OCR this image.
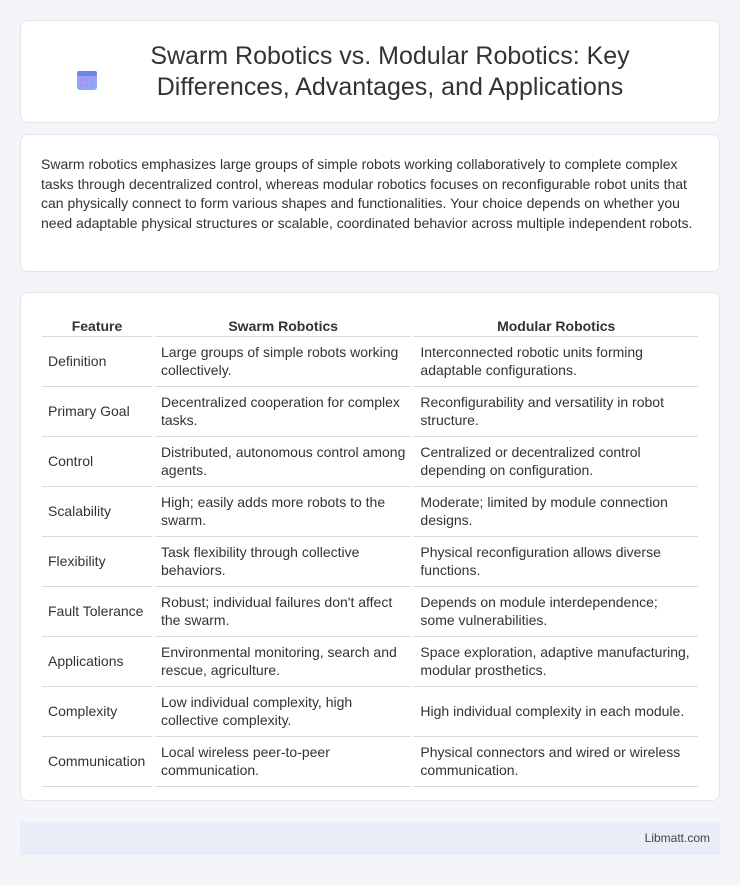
Swarm Robotics vs. Modular Robotics: Key Differences, Advantages, and Applications

Swarm robotics emphasizes large groups of simple robots working collaboratively to complete complex tasks through decentralized control, whereas modular robotics focuses on reconfigurable robot units that can physically connect to form various shapes and functionalities. Your choice depends on whether you need adaptable physical structures or scalable, coordinated behavior across multiple independent robots.

Feature	Swarm Robotics	Modular Robotics
Definition	Large groups of simple robots working collectively.	Interconnected robotic units forming adaptable configurations.
Primary Goal	Decentralized cooperation for complex tasks.	Reconfigurability and versatility in robot structure.
Control	Distributed, autonomous control among agents.	Centralized or decentralized control depending on configuration.
Scalability	High; easily adds more robots to the swarm.	Moderate; limited by module connection designs.
Flexibility	Task flexibility through collective behaviors.	Physical reconfiguration allows diverse functions.
Fault Tolerance	Robust; individual failures don't affect the swarm.	Depends on module interdependence; some vulnerabilities.
Applications	Environmental monitoring, search and rescue, agriculture.	Space exploration, adaptive manufacturing, modular prosthetics.
Complexity	Low individual complexity, high collective complexity.	High individual complexity in each module.
Communication	Local wireless peer-to-peer communication.	Physical connectors and wired or wireless communication.
Libmatt.com
